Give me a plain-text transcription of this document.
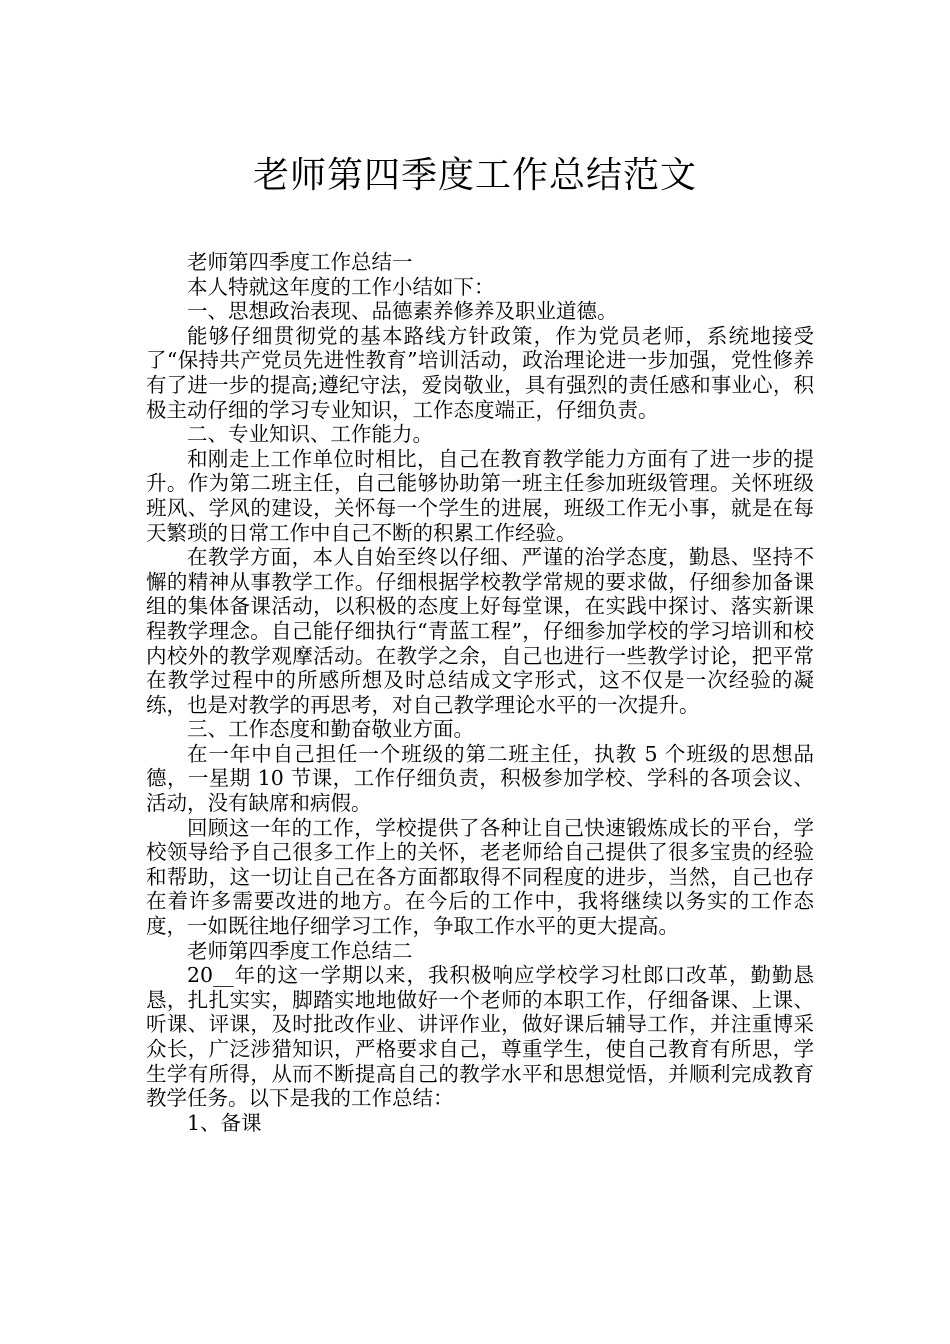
老师第四季度工作总结范文

老师第四季度工作总结一

本人特就这年度的工作小结如下：

一、思想政治表现、品德素养修养及职业道德。

能够仔细贯彻党的基本路线方针政策，作为党员老师，系统地接受了“保持共产党员先进性教育”培训活动，政治理论进一步加强，党性修养有了进一步的提高;遵纪守法，爱岗敬业，具有强烈的责任感和事业心，积极主动仔细的学习专业知识，工作态度端正，仔细负责。

二、专业知识、工作能力。

和刚走上工作单位时相比，自己在教育教学能力方面有了进一步的提升。作为第二班主任，自己能够协助第一班主任参加班级管理。关怀班级班风、学风的建设，关怀每一个学生的进展，班级工作无小事，就是在每天繁琐的日常工作中自己不断的积累工作经验。

在教学方面，本人自始至终以仔细、严谨的治学态度，勤恳、坚持不懈的精神从事教学工作。仔细根据学校教学常规的要求做，仔细参加备课组的集体备课活动，以积极的态度上好每堂课，在实践中探讨、落实新课程教学理念。自己能仔细执行“青蓝工程”，仔细参加学校的学习培训和校内校外的教学观摩活动。在教学之余，自己也进行一些教学讨论，把平常在教学过程中的所感所想及时总结成文字形式，这不仅是一次经验的凝练，也是对教学的再思考，对自己教学理论水平的一次提升。

三、工作态度和勤奋敬业方面。

在一年中自己担任一个班级的第二班主任，执教 5 个班级的思想品德，一星期 10 节课，工作仔细负责，积极参加学校、学科的各项会议、活动，没有缺席和病假。

回顾这一年的工作，学校提供了各种让自己快速锻炼成长的平台，学校领导给予自己很多工作上的关怀，老老师给自己提供了很多宝贵的经验和帮助，这一切让自己在各方面都取得不同程度的进步，当然，自己也存在着许多需要改进的地方。在今后的工作中，我将继续以务实的工作态度，一如既往地仔细学习工作，争取工作水平的更大提高。

老师第四季度工作总结二

20__年的这一学期以来，我积极响应学校学习杜郎口改革，勤勤恳恳，扎扎实实，脚踏实地地做好一个老师的本职工作，仔细备课、上课、听课、评课，及时批改作业、讲评作业，做好课后辅导工作，并注重博采众长，广泛涉猎知识，严格要求自己，尊重学生，使自己教育有所思，学生学有所得，从而不断提高自己的教学水平和思想觉悟，并顺利完成教育教学任务。以下是我的工作总结：

1、备课
